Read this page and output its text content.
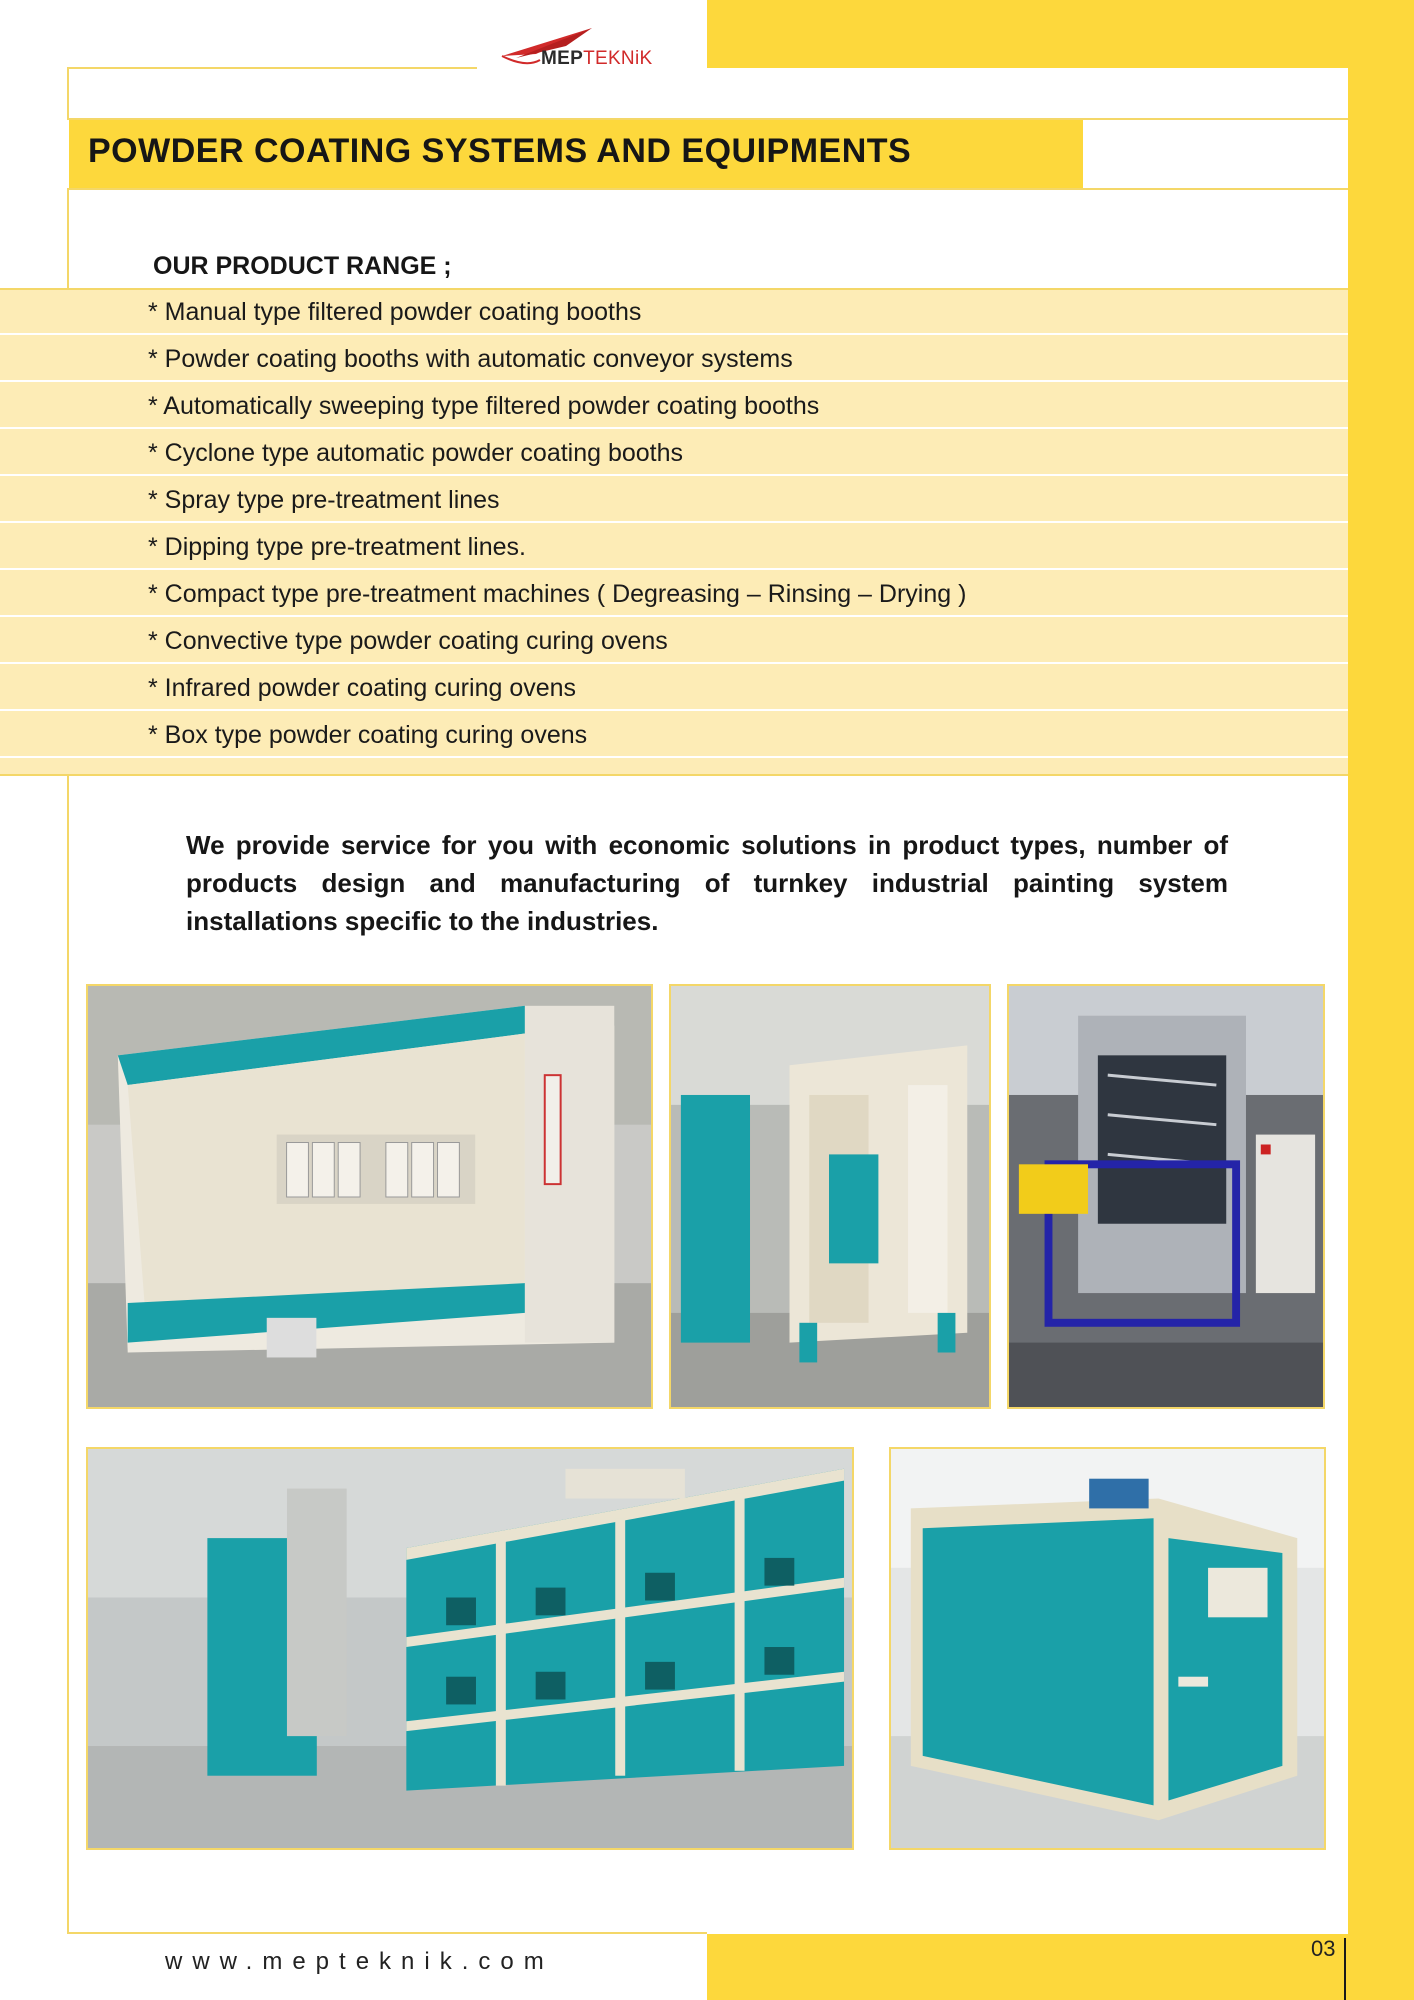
MEPTEKNiK
POWDER COATING SYSTEMS AND EQUIPMENTS
OUR PRODUCT RANGE ;
* Manual type filtered powder coating booths
* Powder coating booths with automatic conveyor systems
* Automatically sweeping type filtered powder coating booths
* Cyclone type automatic powder coating booths
* Spray type pre-treatment lines
* Dipping type pre-treatment lines.
* Compact type pre-treatment machines ( Degreasing – Rinsing – Drying )
* Convective type powder coating curing ovens
* Infrared powder coating curing ovens
* Box type powder coating curing ovens
We provide service for you with economic solutions in product types, number of products design and manufacturing of turnkey industrial painting system installations specific to the industries.
www.mepteknik.com	03
